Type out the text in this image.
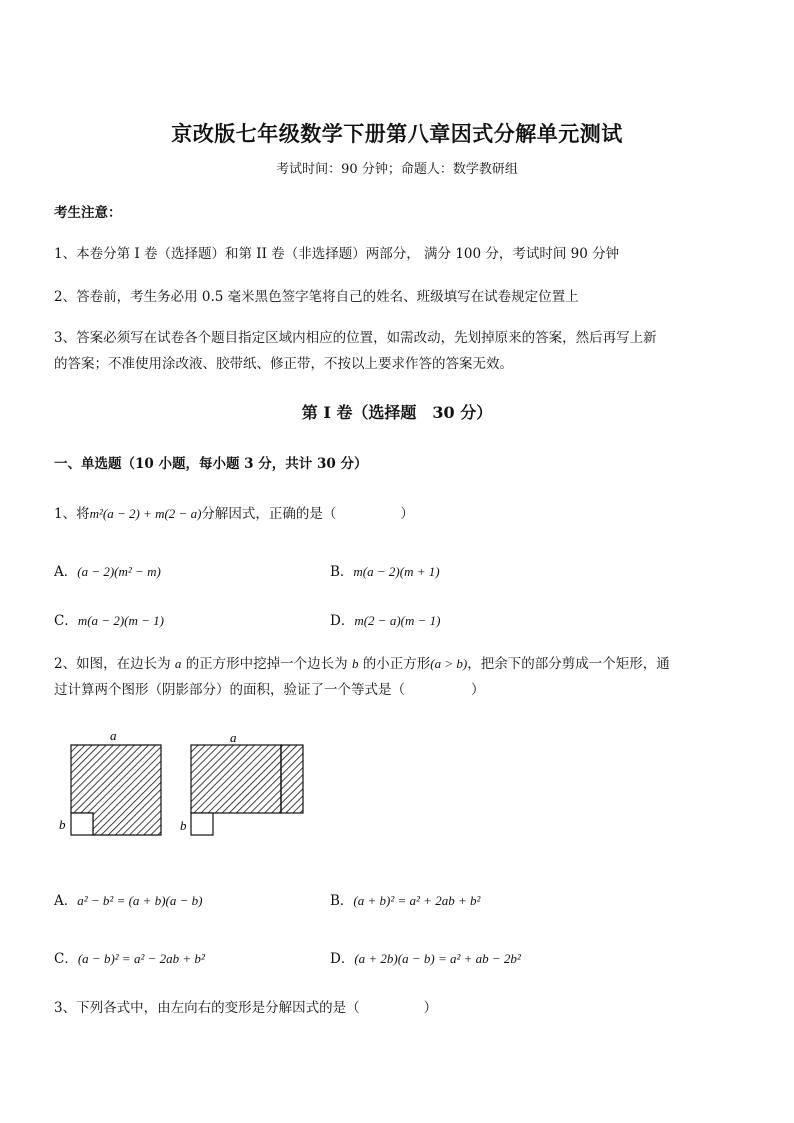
京改版七年级数学下册第八章因式分解单元测试
考试时间：90 分钟；命题人：数学教研组
考生注意：
1、本卷分第 I 卷（选择题）和第 II 卷（非选择题）两部分， 满分 100 分，考试时间 90 分钟
2、答卷前，考生务必用 0.5 毫米黑色签字笔将自己的姓名、班级填写在试卷规定位置上
3、答案必须写在试卷各个题目指定区域内相应的位置，如需改动，先划掉原来的答案，然后再写上新
的答案；不准使用涂改液、胶带纸、修正带，不按以上要求作答的答案无效。
第 I 卷（选择题　30 分）
一、单选题（10 小题，每小题 3 分，共计 30 分）
1、将m²(a − 2) + m(2 − a)分解因式，正确的是（	）
A．(a − 2)(m² − m)	B．m(a − 2)(m + 1)
C．m(a − 2)(m − 1)	D．m(2 − a)(m − 1)
2、如图，在边长为 a 的正方形中挖掉一个边长为 b 的小正方形(a > b)，把余下的部分剪成一个矩形，通
过计算两个图形（阴影部分）的面积，验证了一个等式是（	）
a
b
a
b
A．a² − b² = (a + b)(a − b)	B．(a + b)² = a² + 2ab + b²
C．(a − b)² = a² − 2ab + b²	D．(a + 2b)(a − b) = a² + ab − 2b²
3、下列各式中，由左向右的变形是分解因式的是（	）
